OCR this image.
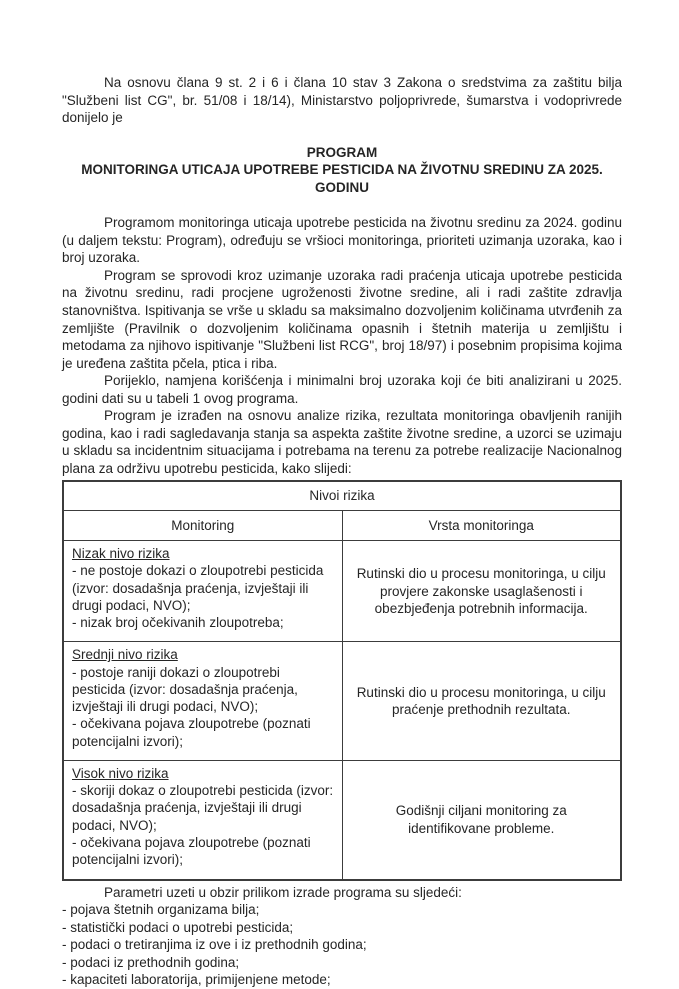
Na osnovu člana 9 st. 2 i 6 i člana 10 stav 3 Zakona o sredstvima za zaštitu bilja "Službeni list CG", br. 51/08 i 18/14), Ministarstvo poljoprivrede, šumarstva i vodoprivrede donijelo je

PROGRAM
MONITORINGA UTICAJA UPOTREBE PESTICIDA NA ŽIVOTNU SREDINU ZA 2025. GODINU

Programom monitoringa uticaja upotrebe pesticida na životnu sredinu za 2024. godinu (u daljem tekstu: Program), određuju se vršioci monitoringa, prioriteti uzimanja uzoraka, kao i broj uzoraka.

Program se sprovodi kroz uzimanje uzoraka radi praćenja uticaja upotrebe pesticida na životnu sredinu, radi procjene ugroženosti životne sredine, ali i radi zaštite zdravlja stanovništva. Ispitivanja se vrše u skladu sa maksimalno dozvoljenim količinama utvrđenih za zemljište (Pravilnik o dozvoljenim količinama opasnih i štetnih materija u zemljištu i metodama za njihovo ispitivanje "Službeni list RCG", broj 18/97) i posebnim propisima kojima je uređena zaštita pčela, ptica i riba.

Porijeklo, namjena korišćenja i minimalni broj uzoraka koji će biti analizirani u 2025. godini dati su u tabeli 1 ovog programa.

Program je izrađen na osnovu analize rizika, rezultata monitoringa obavljenih ranijih godina, kao i radi sagledavanja stanja sa aspekta zaštite životne sredine, a uzorci se uzimaju u skladu sa incidentnim situacijama i potrebama na terenu za potrebe realizacije Nacionalnog plana za održivu upotrebu pesticida, kako slijedi:

Nivoi rizika	
Monitoring	Vrsta monitoringa

Nizak nivo rizika
- ne postoje dokazi o zloupotrebi pesticida (izvor: dosadašnja praćenja, izvještaji ili drugi podaci, NVO);
- nizak broj očekivanih zloupotreba;	Rutinski dio u procesu monitoringa, u cilju provjere zakonske usaglašenosti i obezbjeđenja potrebnih informacija.

Srednji nivo rizika
- postoje raniji dokazi o zloupotrebi pesticida (izvor: dosadašnja praćenja, izvještaji ili drugi podaci, NVO);
- očekivana pojava zloupotrebe (poznati potencijalni izvori);	Rutinski dio u procesu monitoringa, u cilju praćenje prethodnih rezultata.

Visok nivo rizika
- skoriji dokaz o zloupotrebi pesticida (izvor: dosadašnja praćenja, izvještaji ili drugi podaci, NVO);
- očekivana pojava zloupotrebe (poznati potencijalni izvori);	Godišnji ciljani monitoring za identifikovane probleme.

Parametri uzeti u obzir prilikom izrade programa su sljedeći:

- pojava štetnih organizama bilja;
- statistički podaci o upotrebi pesticida;
- podaci o tretiranjima iz ove i iz prethodnih godina;
- podaci iz prethodnih godina;
- kapaciteti laboratorija, primijenjene metode;
